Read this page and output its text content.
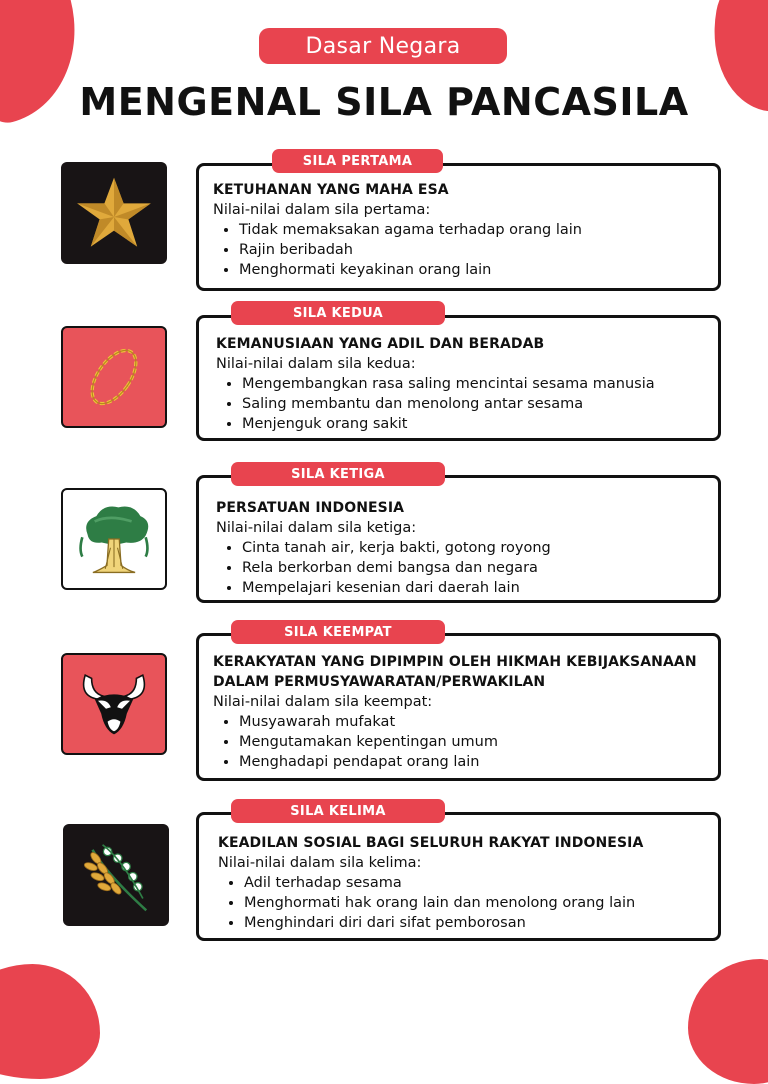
Dasar Negara
MENGENAL SILA PANCASILA
KETUHANAN YANG MAHA ESA
Nilai-nilai dalam sila pertama:
• Tidak memaksakan agama terhadap orang lain
• Rajin beribadah
• Menghormati keyakinan orang lain
SILA PERTAMA
KEMANUSIAAN YANG ADIL DAN BERADAB
Nilai-nilai dalam sila kedua:
• Mengembangkan rasa saling mencintai sesama manusia
• Saling membantu dan menolong antar sesama
• Menjenguk orang sakit
SILA KEDUA
PERSATUAN INDONESIA
Nilai-nilai dalam sila ketiga:
• Cinta tanah air, kerja bakti, gotong royong
• Rela berkorban demi bangsa dan negara
• Mempelajari kesenian dari daerah lain
SILA KETIGA
KERAKYATAN YANG DIPIMPIN OLEH HIKMAH KEBIJAKSANAAN
DALAM PERMUSYAWARATAN/PERWAKILAN
Nilai-nilai dalam sila keempat:
• Musyawarah mufakat
• Mengutamakan kepentingan umum
• Menghadapi pendapat orang lain
SILA KEEMPAT
KEADILAN SOSIAL BAGI SELURUH RAKYAT INDONESIA
Nilai-nilai dalam sila kelima:
• Adil terhadap sesama
• Menghormati hak orang lain dan menolong orang lain
• Menghindari diri dari sifat pemborosan
SILA KELIMA
